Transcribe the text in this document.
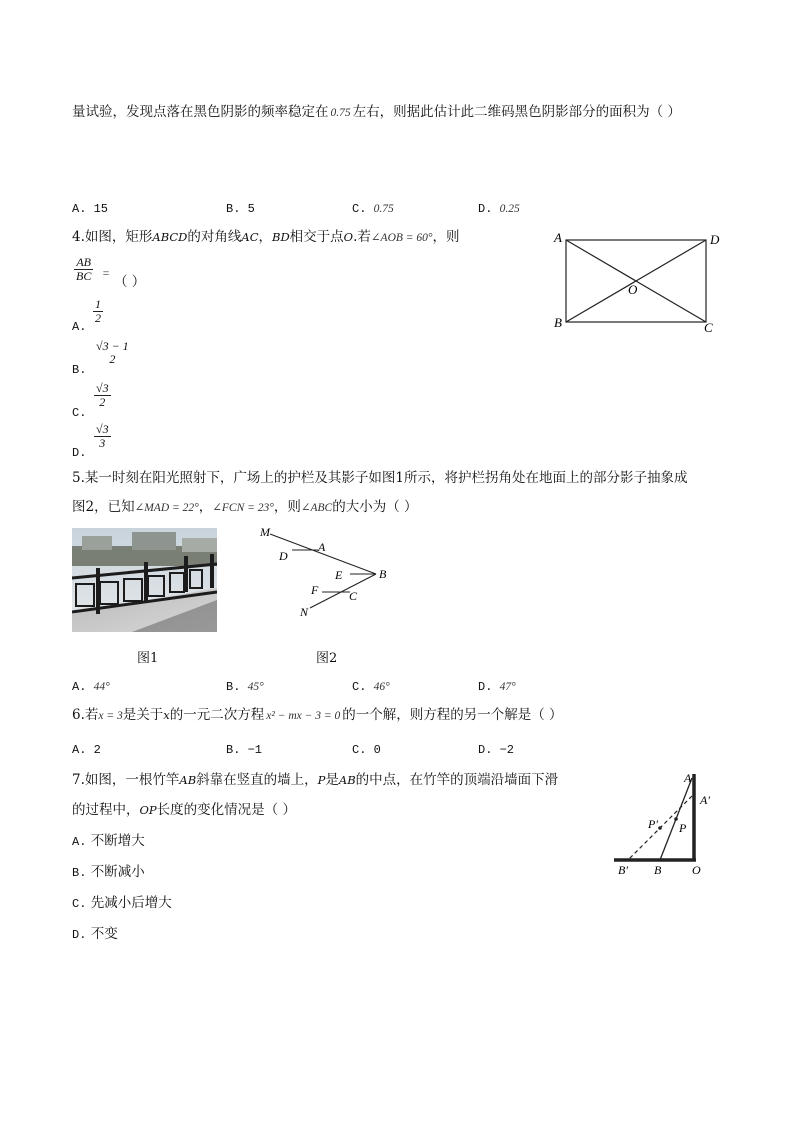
量试验，发现点落在黑色阴影的频率稳定在 0.75 左右，则据此估计此二维码黑色阴影部分的面积为（ ）
A. 15	B. 5	C. 0.75	D. 0.25
4.如图，矩形ABCD的对角线AC，BD相交于点O.若∠AOB = 60°，则
$\frac{AB}{BC}$ = （ ）
A.
$\frac{1}{2}$
B.
√3 − 1
2
C.
$\frac{√3}{2}$
D.
$\frac{√3}{3}$
A	D
O
B	C
5.某一时刻在阳光照射下，广场上的护栏及其影子如图1所示，将护栏拐角处在地面上的部分影子抽象成
图2，已知∠MAD = 22°，∠FCN = 23°，则∠ABC的大小为（ ）
图1
M
D
A
E	B
F	C
N
图2
A. 44°	B. 45°	C. 46°	D. 47°
6.若x = 3是关于x的一元二次方程 x² − mx − 3 = 0 的一个解，则方程的另一个解是（ ）
A. 2	B. −1	C. 0	D. −2
7.如图，一根竹竿AB斜靠在竖直的墙上，P是AB的中点，在竹竿的顶端沿墙面下滑
的过程中，OP长度的变化情况是（ ）
A. 不断增大
B. 不断减小
C. 先减小后增大
D. 不变
A
A′
P′ P
B′ B	O
